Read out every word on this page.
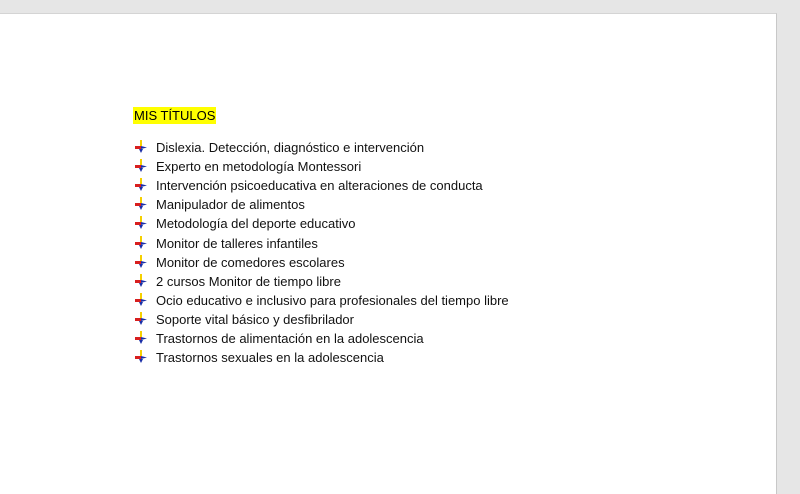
MIS TÍTULOS
Dislexia. Detección, diagnóstico e intervención
Experto en metodología Montessori
Intervención psicoeducativa en alteraciones de conducta
Manipulador de alimentos
Metodología del deporte educativo
Monitor de talleres infantiles
Monitor de comedores escolares
2 cursos Monitor de tiempo libre
Ocio educativo e inclusivo para profesionales del tiempo libre
Soporte vital básico y desfibrilador
Trastornos de alimentación en la adolescencia
Trastornos sexuales en la adolescencia
